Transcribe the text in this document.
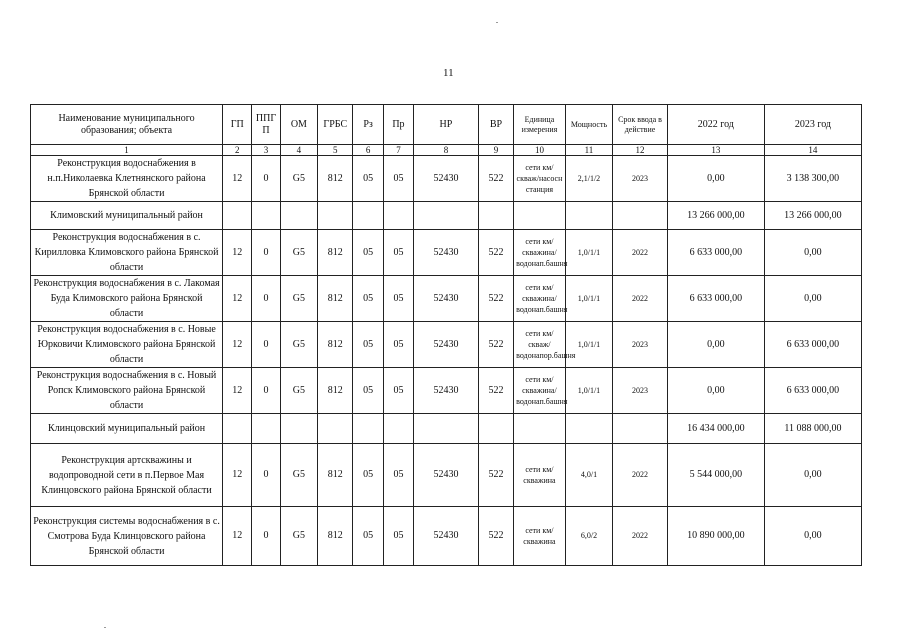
11
Наименование муниципального образования; объекта	ГП	ППГП	ОМ	ГРБС	Рз	Пр	НР	ВР	Единица измерения	Мощность	Срок ввода в действие	2022 год	2023 год
1	2	3	4	5	6	7	8	9	10	11	12	13	14
Реконструкция водоснабжения в н.п.Николаевка Клетнянского района Брянской области	12	0	G5	812	05	05	52430	522	сети км/скваж/насосн станция	2,1/1/2	2023	0,00	3 138 300,00
Климовский муниципальный район												13 266 000,00	13 266 000,00
Реконструкция водоснабжения в с. Кирилловка Климовского района Брянской области	12	0	G5	812	05	05	52430	522	сети км/скважина/водонап.башня	1,0/1/1	2022	6 633 000,00	0,00
Реконструкция водоснабжения в с. Лакомая Буда Климовского района Брянской области	12	0	G5	812	05	05	52430	522	сети км/скважина/водонап.башня	1,0/1/1	2022	6 633 000,00	0,00
Реконструкция водоснабжения в с. Новые Юрковичи Климовского района Брянской области	12	0	G5	812	05	05	52430	522	сети км/скваж/водонапор.башня	1,0/1/1	2023	0,00	6 633 000,00
Реконструкция водоснабжения в с. Новый Ропск Климовского района Брянской области	12	0	G5	812	05	05	52430	522	сети км/скважина/водонап.башня	1,0/1/1	2023	0,00	6 633 000,00
Клинцовский муниципальный район												16 434 000,00	11 088 000,00
Реконструкция артскважины и водопроводной сети в п.Первое Мая Клинцовского района Брянской области	12	0	G5	812	05	05	52430	522	сети км/скважина	4,0/1	2022	5 544 000,00	0,00
Реконструкция системы водоснабжения в с. Смотрова Буда Клинцовского района Брянской области	12	0	G5	812	05	05	52430	522	сети км/скважина	6,0/2	2022	10 890 000,00	0,00
